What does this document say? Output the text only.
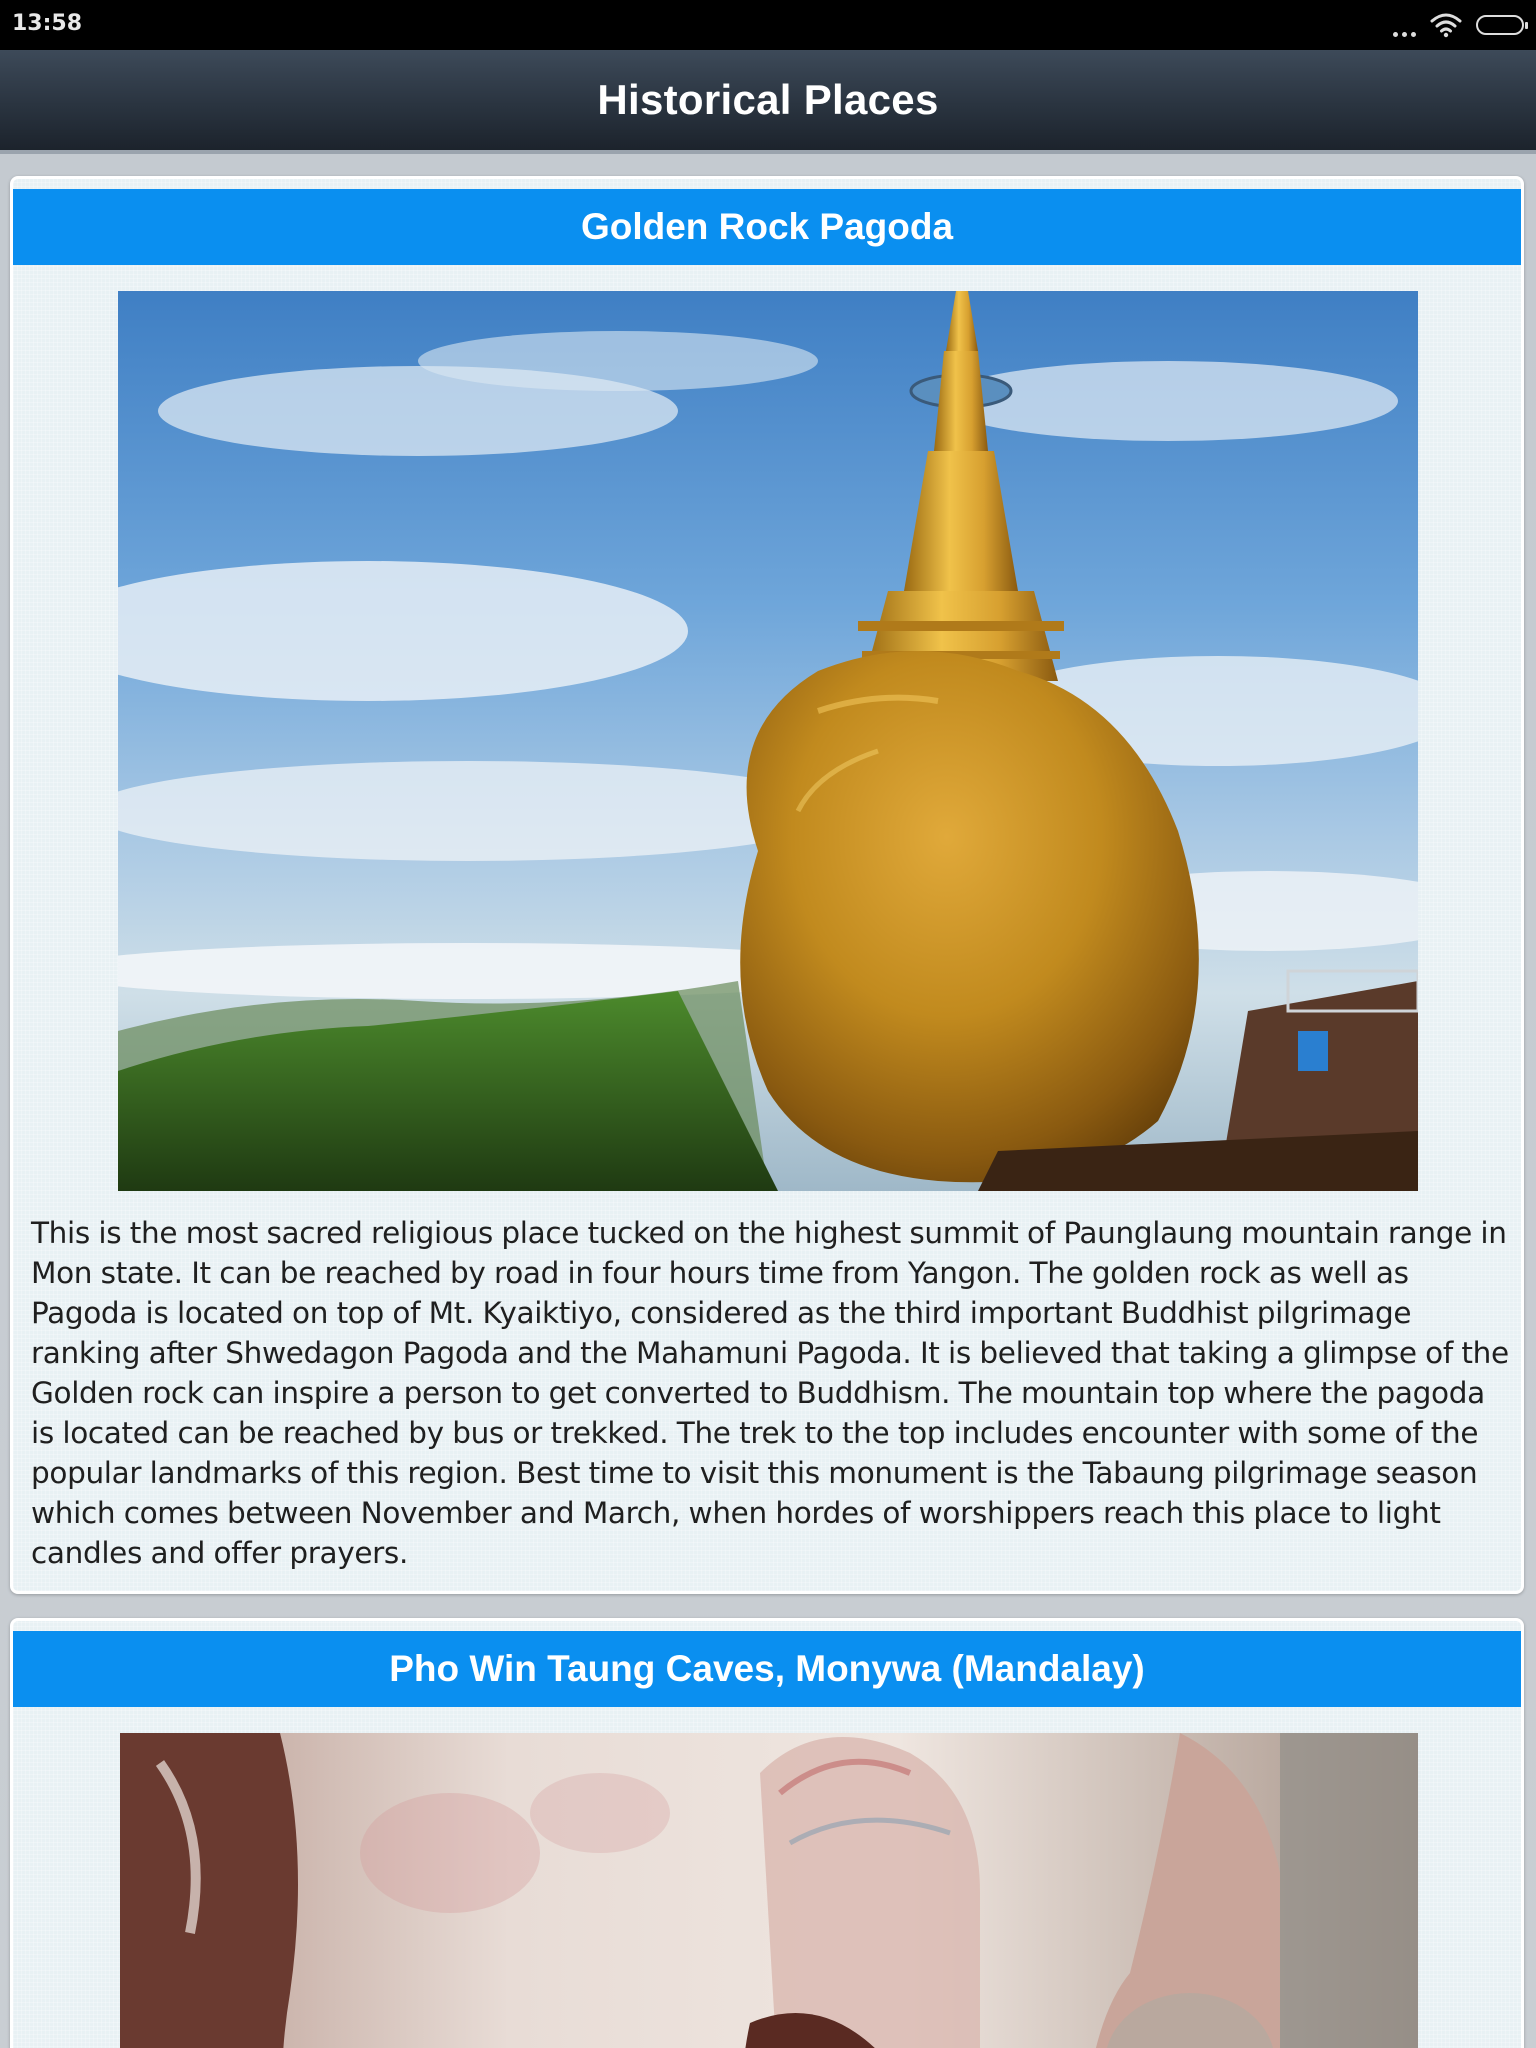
13:58
Historical Places
Golden Rock Pagoda

This is the most sacred religious place tucked on the highest summit of Paunglaung mountain range in Mon state. It can be reached by road in four hours time from Yangon. The golden rock as well as Pagoda is located on top of Mt. Kyaiktiyo, considered as the third important Buddhist pilgrimage ranking after Shwedagon Pagoda and the Mahamuni Pagoda. It is believed that taking a glimpse of the Golden rock can inspire a person to get converted to Buddhism. The mountain top where the pagoda is located can be reached by bus or trekked. The trek to the top includes encounter with some of the popular landmarks of this region. Best time to visit this monument is the Tabaung pilgrimage season which comes between November and March, when hordes of worshippers reach this place to light candles and offer prayers.

Pho Win Taung Caves, Monywa (Mandalay)
